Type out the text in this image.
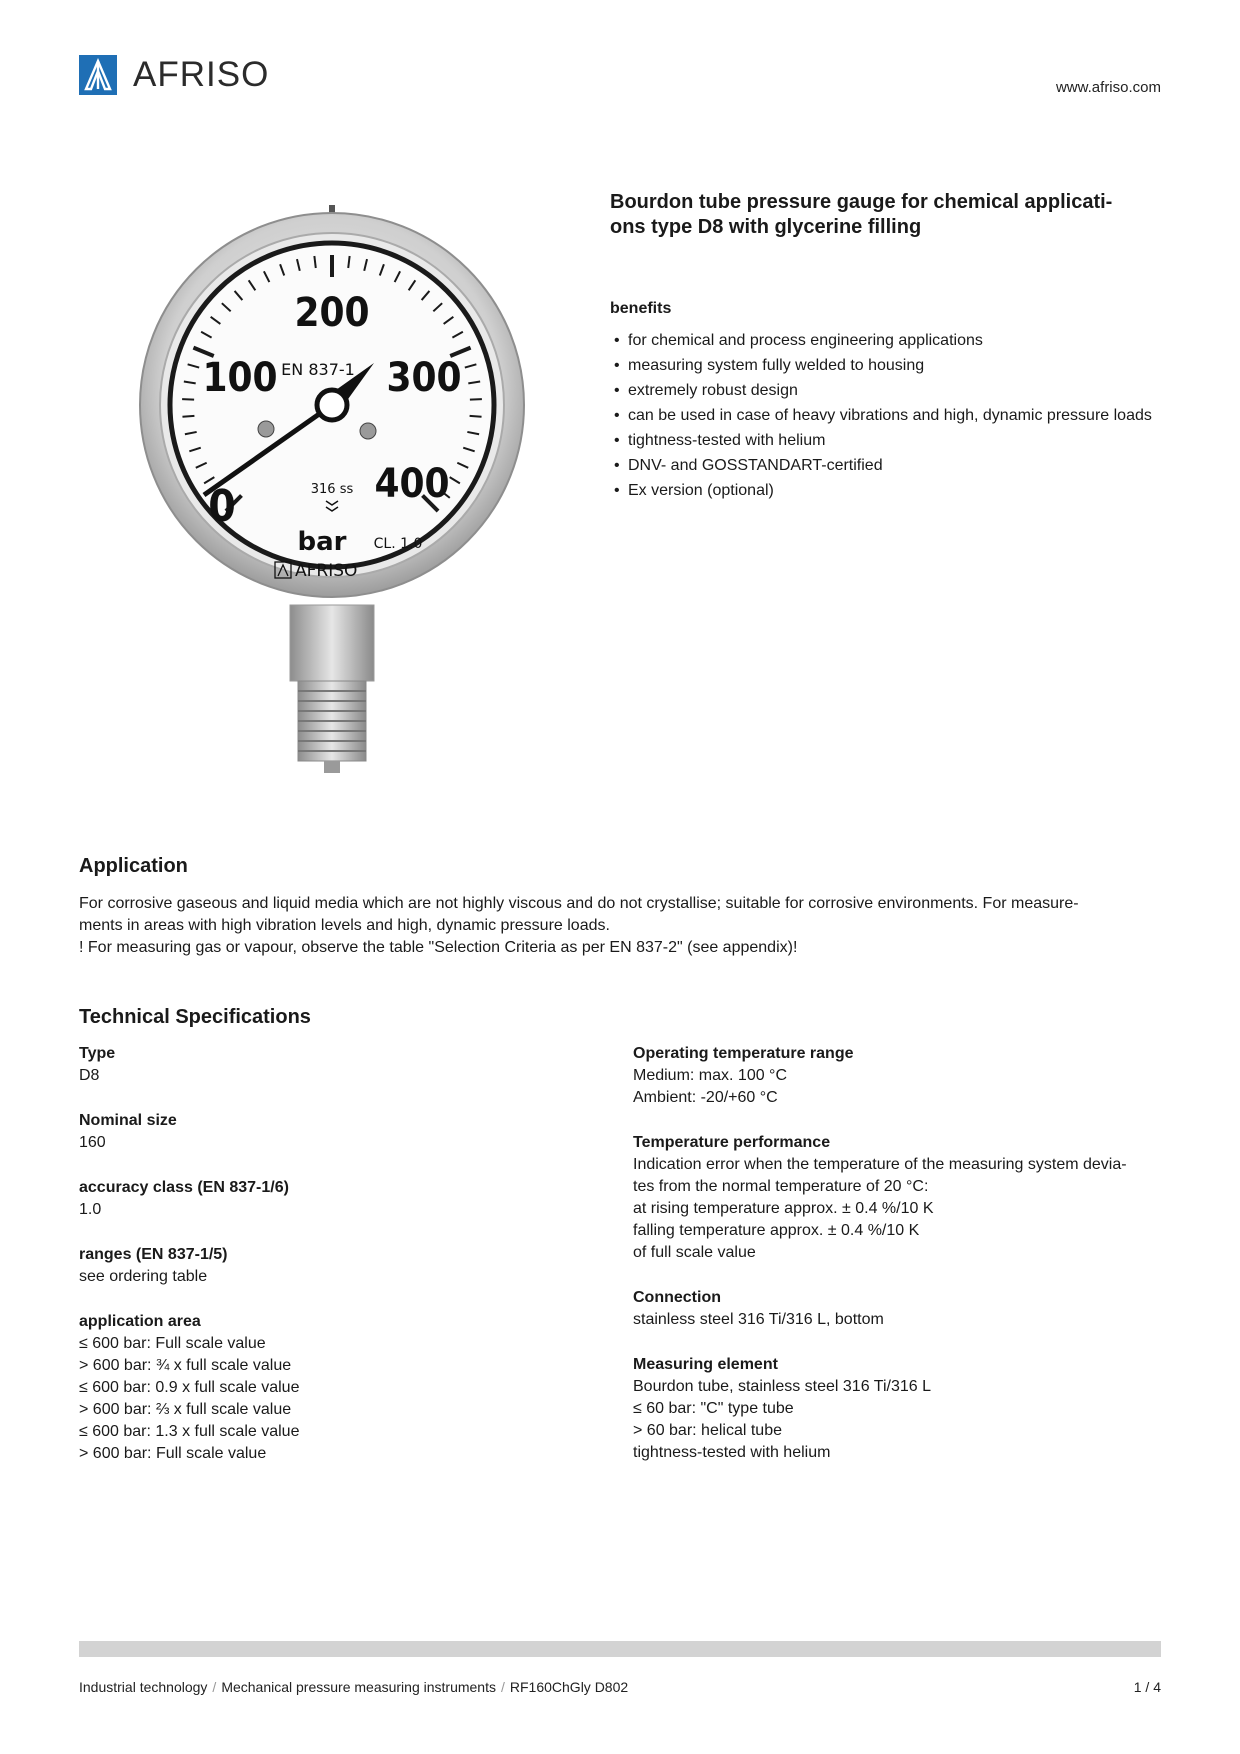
AFRISO	www.afriso.com
0
100
200
300
400
EN 837-1
316 ss
bar CL. 1.0
AFRISO
Bourdon tube pressure gauge for chemical applicati-
ons type D8 with glycerine filling
benefits
• for chemical and process engineering applications
• measuring system fully welded to housing
• extremely robust design
• can be used in case of heavy vibrations and high, dynamic pressure loads
• tightness-tested with helium
• DNV- and GOSSTANDART-certified
• Ex version (optional)
Application

For corrosive gaseous and liquid media which are not highly viscous and do not crystallise; suitable for corrosive environments. For measure-

ments in areas with high vibration levels and high, dynamic pressure loads.

! For measuring gas or vapour, observe the table "Selection Criteria as per EN 837-2" (see appendix)!

Technical Specifications
Type
D8
Nominal size
160
accuracy class (EN 837-1/6)
1.0
ranges (EN 837-1/5)
see ordering table
application area
≤ 600 bar: Full scale value
> 600 bar: ¾ x full scale value
≤ 600 bar: 0.9 x full scale value
> 600 bar: ⅔ x full scale value
≤ 600 bar: 1.3 x full scale value
> 600 bar: Full scale value
Operating temperature range
Medium: max. 100 °C
Ambient: -20/+60 °C
Temperature performance
Indication error when the temperature of the measuring system devia-
tes from the normal temperature of 20 °C:
at rising temperature approx. ± 0.4 %/10 K
falling temperature approx. ± 0.4 %/10 K
of full scale value
Connection
stainless steel 316 Ti/316 L, bottom
Measuring element
Bourdon tube, stainless steel 316 Ti/316 L
≤ 60 bar: "C" type tube
> 60 bar: helical tube
tightness-tested with helium
Industrial technology / Mechanical pressure measuring instruments / RF160ChGly D802	1 / 4
